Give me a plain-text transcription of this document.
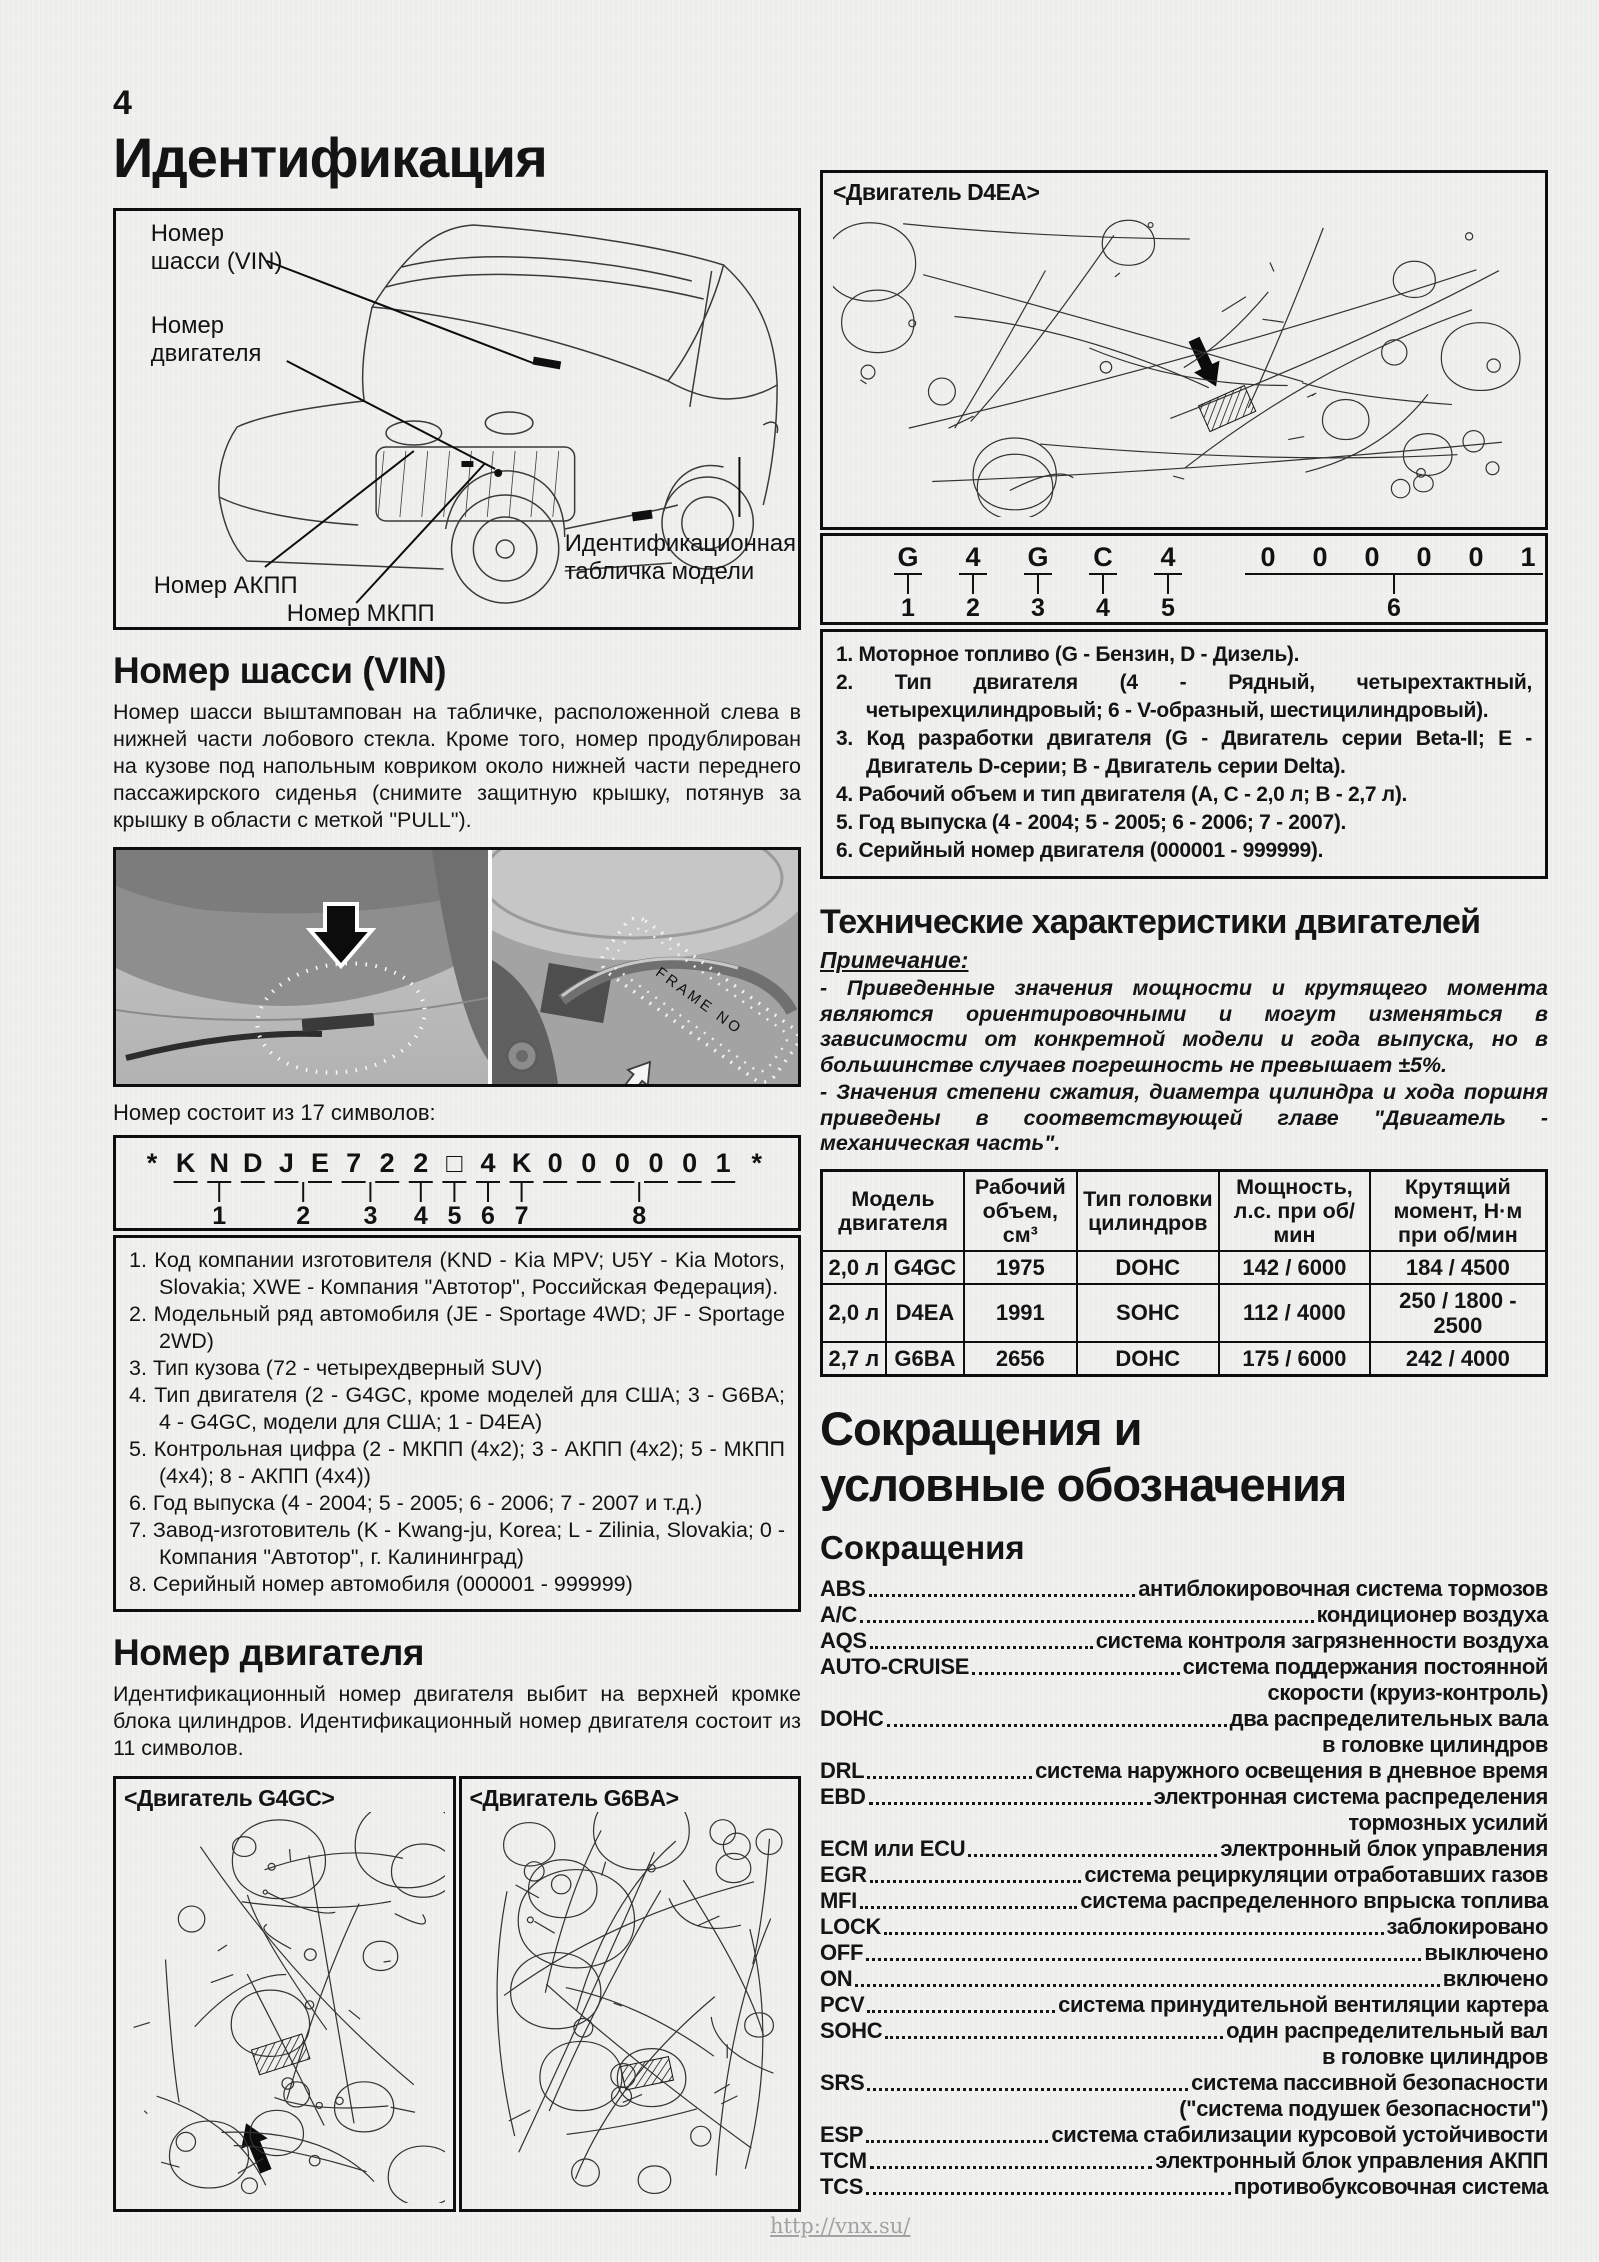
4
Идентификация
Номер
шасси (VIN)
Номер
двигателя
Номер АКПП
Номер МКПП
Идентификационная
табличка модели
Номер шасси (VIN)

Номер шасси выштампован на табличке, расположенной слева в нижней части лобового стекла. Кроме того, номер продублирован на кузове под напольным ковриком около нижней части переднего пассажирского сиденья (снимите защитную крышку, потянув за крышку в области с меткой "PULL").

FRAME NO
Номер состоит из 17 символов:
* K N D J E 7 2 2 □ 4 K 0 0 0 0 0 1 *
1	2 3 4 5 6 7	8
1. Код компании изготовителя (KND - Kia MPV; U5Y - Kia Motors, Slovakia; XWE - Компания "Автотор", Российская Федерация).
2. Модельный ряд автомобиля (JE - Sportage 4WD; JF - Sportage 2WD)
3. Тип кузова (72 - четырехдверный SUV)
4. Тип двигателя (2 - G4GC, кроме моделей для США; 3 - G6BA; 4 - G4GC, модели для США; 1 - D4EA)
5. Контрольная цифра (2 - МКПП (4x2); 3 - АКПП (4x2); 5 - МКПП (4x4); 8 - АКПП (4x4))
6. Год выпуска (4 - 2004; 5 - 2005; 6 - 2006; 7 - 2007 и т.д.)
7. Завод-изготовитель (K - Kwang-ju, Korea; L - Zilinia, Slovakia; 0 - Компания "Автотор", г. Калининград)
8. Серийный номер автомобиля (000001 - 999999)
Номер двигателя

Идентификационный номер двигателя выбит на верхней кромке блока цилиндров. Идентификационный номер двигателя состоит из 11 символов.

<Двигатель G4GC>	<Двигатель G6BA>
<Двигатель D4EA>
G 4 G C 4	0 0 0 0 0 1
1 2 3 4 5	6
1. Моторное топливо (G - Бензин, D - Дизель).
2. Тип двигателя (4 - Рядный, четырехтактный, четырехцилиндровый; 6 - V-образный, шестицилиндровый).
3. Код разработки двигателя (G - Двигатель серии Beta-II; E - Двигатель D-серии; B - Двигатель серии Delta).
4. Рабочий объем и тип двигателя (A, C - 2,0 л; B - 2,7 л).
5. Год выпуска (4 - 2004; 5 - 2005; 6 - 2006; 7 - 2007).
6. Серийный номер двигателя (000001 - 999999).
Технические характеристики двигателей
Примечание:

- Приведенные значения мощности и крутящего момента являются ориентировочными и могут изменяться в зависимости от конкретной модели и года выпуска, но в большинстве случаев погрешность не превышает ±5%.

- Значения степени сжатия, диаметра цилиндра и хода поршня приведены в соответствующей главе "Двигатель - механическая часть".

Модель двигателя		Рабочий объем, см³	Тип головки цилиндров	Мощность, л.с. при об/мин	Крутящий момент, Н·м при об/мин
2,0 л	G4GC	1975	DOHC	142 / 6000	184 / 4500
2,0 л	D4EA	1991	SOHC	112 / 4000	250 / 1800 - 2500
2,7 л	G6BA	2656	DOHC	175 / 6000	242 / 4000
Сокращения и
условные обозначения
Сокращения
ABS	антиблокировочная система тормозов
A/C	кондиционер воздуха
AQS	система контроля загрязненности воздуха
AUTO-CRUISE	система поддержания постоянной
скорости (круиз-контроль)
DOHC	два распределительных вала
в головке цилиндров
DRL	система наружного освещения в дневное время
EBD	электронная система распределения
тормозных усилий
ECM или ECU	электронный блок управления
EGR	система рециркуляции отработавших газов
MFI	система распределенного впрыска топлива
LOCK	заблокировано
OFF	выключено
ON	включено
PCV	система принудительной вентиляции картера
SOHC	один распределительный вал
в головке цилиндров
SRS	система пассивной безопасности
("система подушек безопасности")
ESP	система стабилизации курсовой устойчивости
TCM	электронный блок управления АКПП
TCS	противобуксовочная система
http://vnx.su/
